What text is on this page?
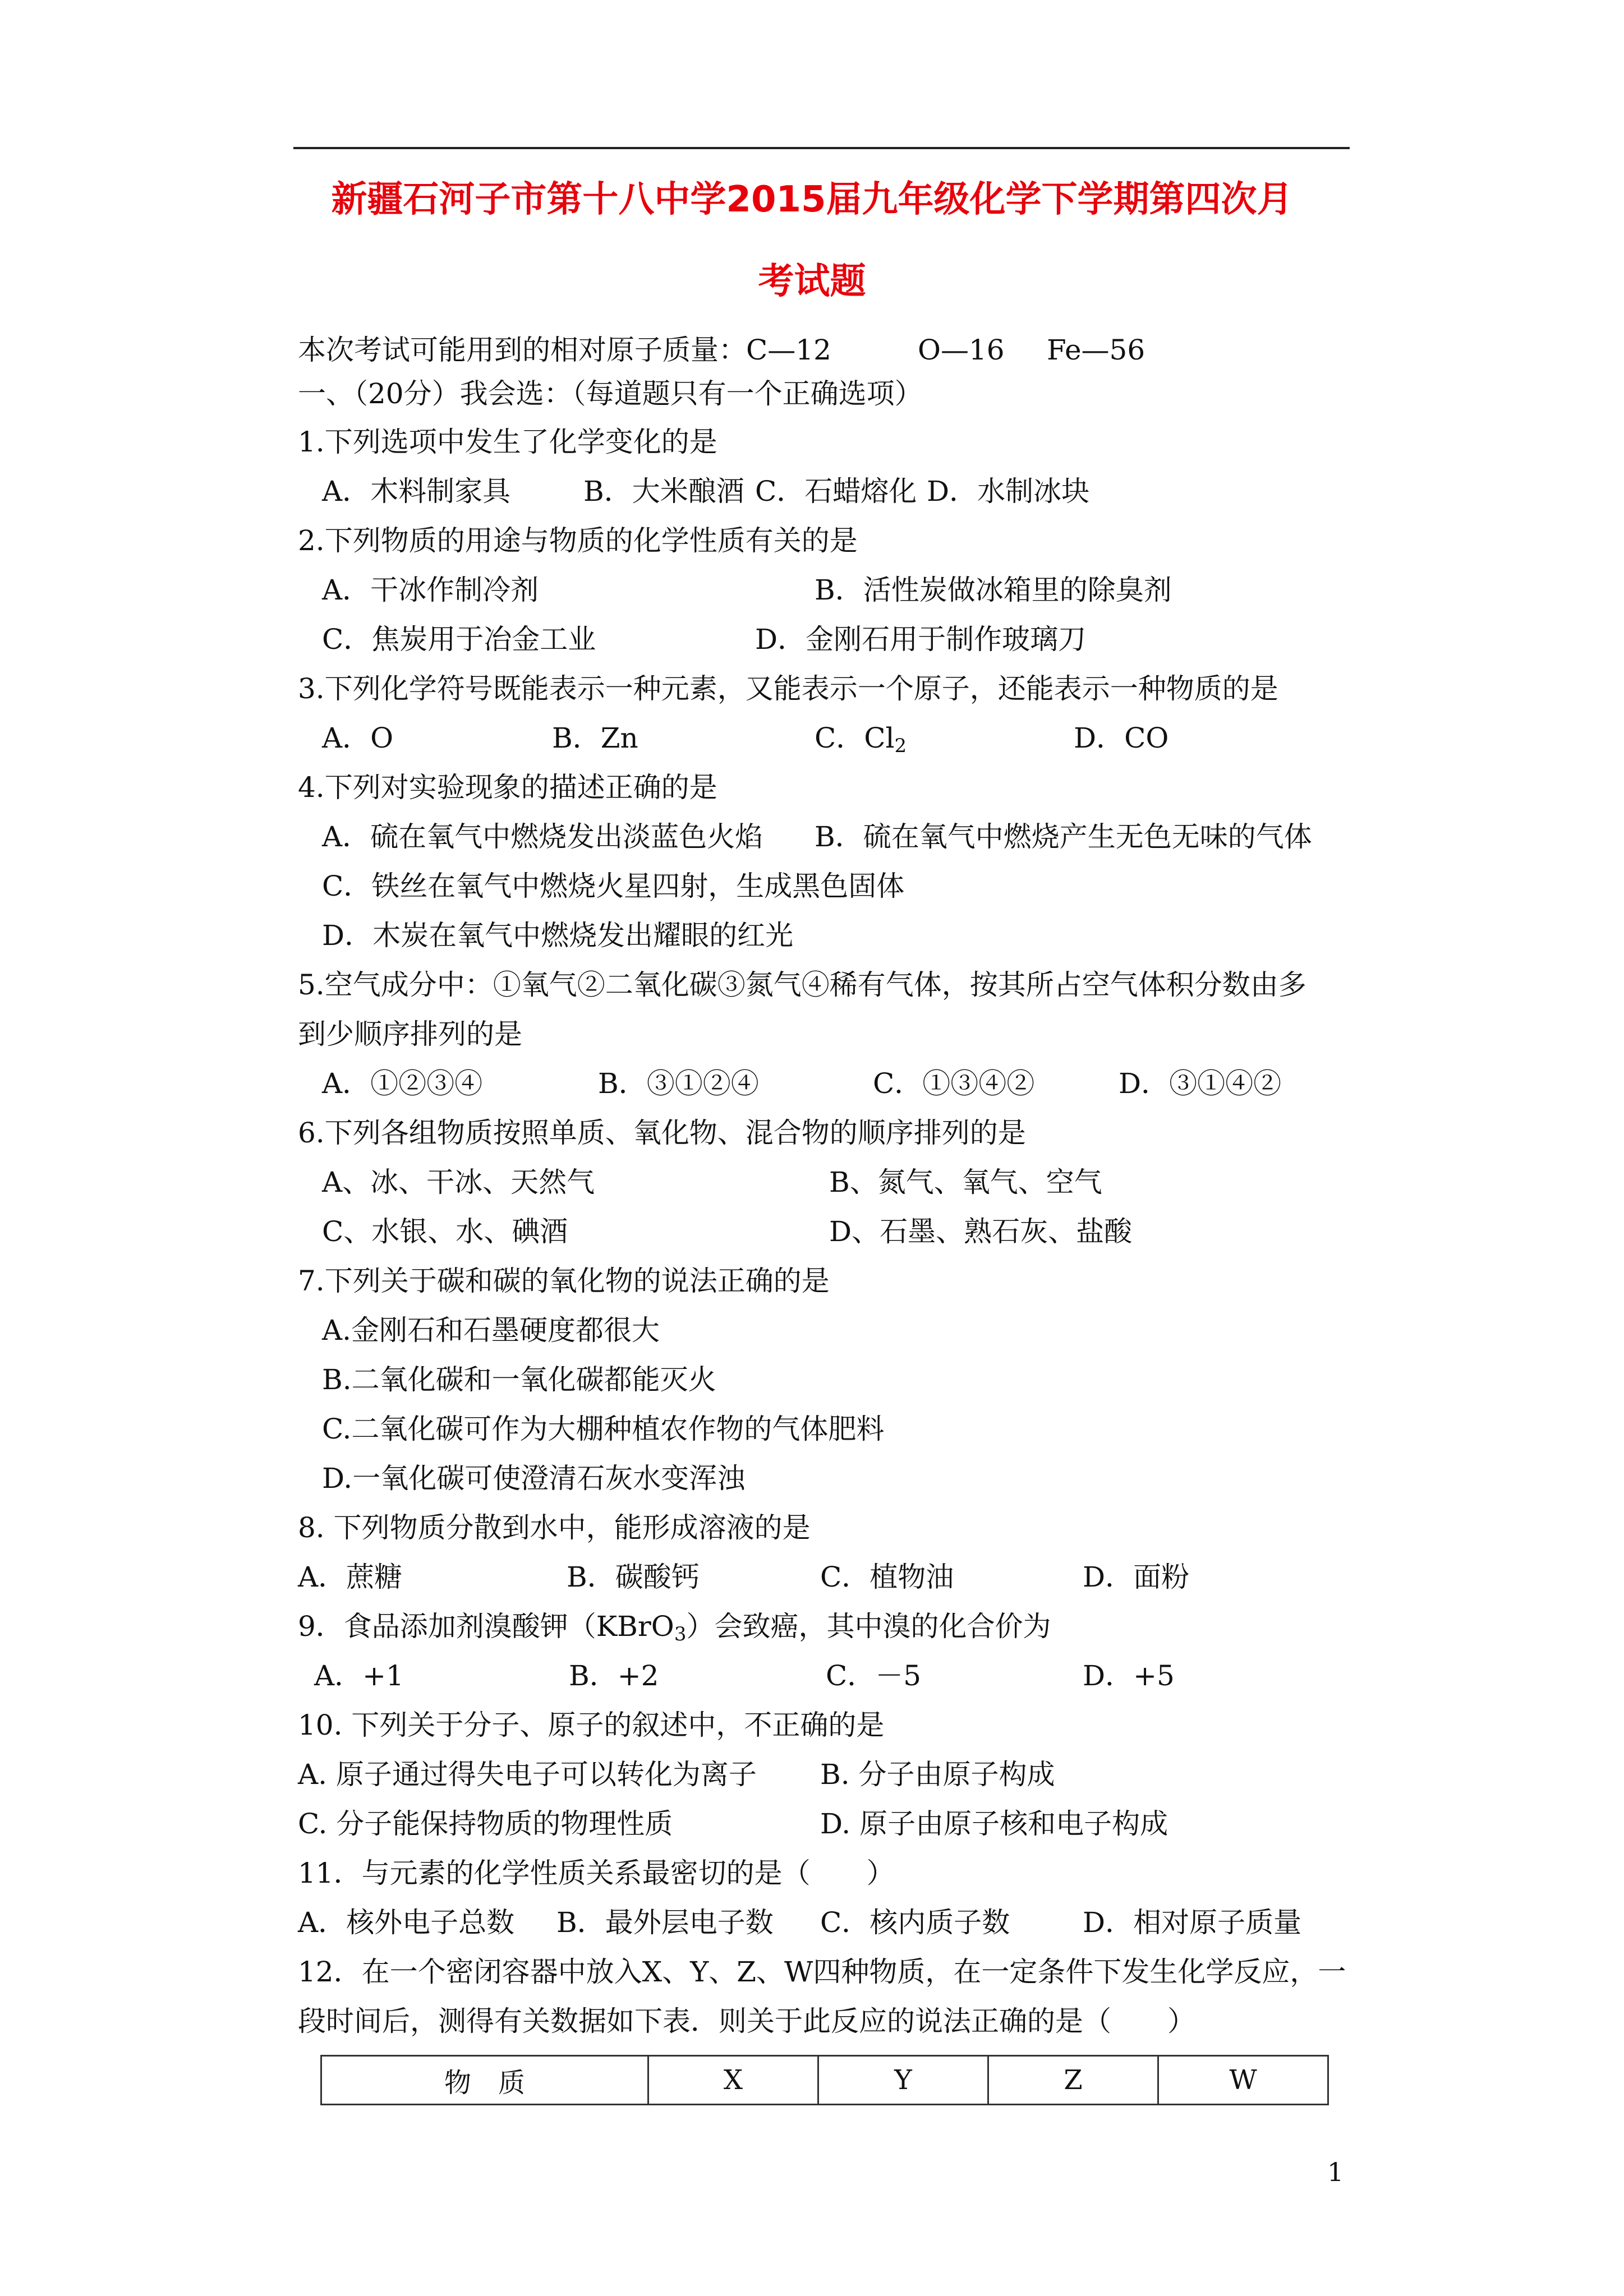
新疆石河子市第十八中学2015届九年级化学下学期第四次月
考试题
本次考试可能用到的相对原子质量： C—12	O—16 Fe—56
一、（20分）我会选：（每道题只有一个正确选项）
1.下列选项中发生了化学变化的是
A．木料制家具	B．大米酿酒 C．石蜡熔化 D．水制冰块
2.下列物质的用途与物质的化学性质有关的是
A．干冰作制冷剂	B．活性炭做冰箱里的除臭剂
C．焦炭用于冶金工业	D．金刚石用于制作玻璃刀
3.下列化学符号既能表示一种元素，又能表示一个原子，还能表示一种物质的是
A．O	B．Zn	C．$Cl_2$	D．CO
4.下列对实验现象的描述正确的是
A．硫在氧气中燃烧发出淡蓝色火焰 B．硫在氧气中燃烧产生无色无味的气体
C．铁丝在氧气中燃烧火星四射，生成黑色固体
D．木炭在氧气中燃烧发出耀眼的红光
5.空气成分中：①氧气②二氧化碳③氮气④稀有气体，按其所占空气体积分数由多
到少顺序排列的是
A．①②③④	B．③①②④	C．①③④②	D．③①④②
6.下列各组物质按照单质、氧化物、混合物的顺序排列的是
A、冰、干冰、天然气	B、氮气、氧气、空气
C、水银、水、碘酒	D、石墨、熟石灰、盐酸
7.下列关于碳和碳的氧化物的说法正确的是
A.金刚石和石墨硬度都很大
B.二氧化碳和一氧化碳都能灭火
C.二氧化碳可作为大棚种植农作物的气体肥料
D.一氧化碳可使澄清石灰水变浑浊
8. 下列物质分散到水中，能形成溶液的是
A．蔗糖	B．碳酸钙	C．植物油	D．面粉
9．食品添加剂溴酸钾（KBrO$_3$）会致癌，其中溴的化合价为
A．+1	B．+2	C．－5	D．+5
10. 下列关于分子、原子的叙述中，不正确的是
A. 原子通过得失电子可以转化为离子 B. 分子由原子构成
C. 分子能保持物质的物理性质	D. 原子由原子核和电子构成
11．与元素的化学性质关系最密切的是（　　）
A．核外电子总数 B．最外层电子数 C．核内质子数	D．相对原子质量
12．在一个密闭容器中放入X、Y、Z、W四种物质，在一定条件下发生化学反应，一
段时间后，测得有关数据如下表．则关于此反应的说法正确的是（　　）
物　质	X	Y	Z	W
1
